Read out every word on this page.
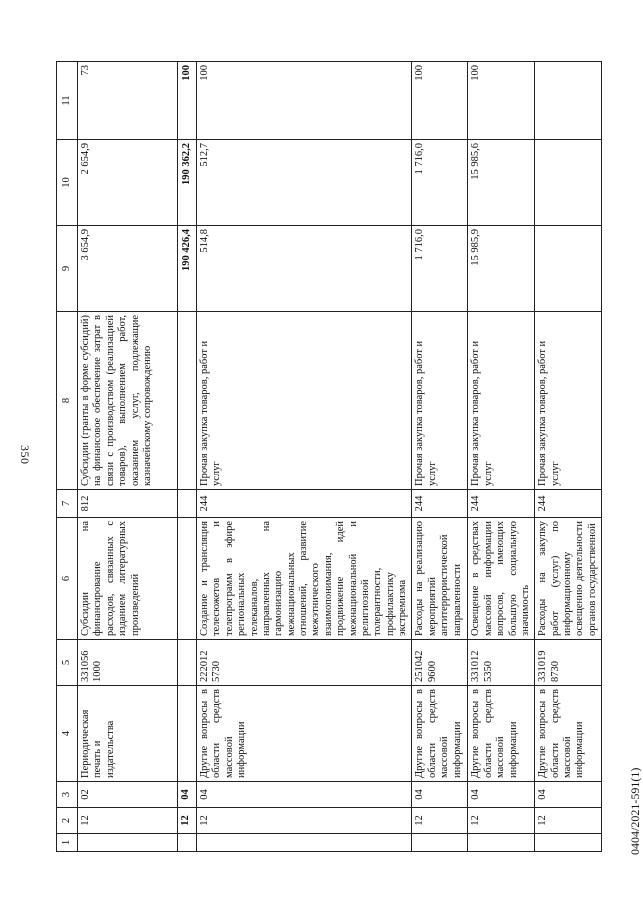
350
1	2	3	4	5	6	7	8	9	10	11
	12	02	Периодическая печать и издательства	331056 1000	Субсидии на финансирование расходов, связанных с изданием литературных произведений	812	Субсидии (гранты в форме субсидий) на финансовое обеспечение затрат в связи с производством (реализацией товаров), выполнением работ, оказанием услуг, подлежащие казначейскому сопровождению	3 654,9	2 654,9	73
	12	04						190 426,4	190 362,2	100
	12	04	Другие вопросы в области средств массовой информации	222012 5730	Создание и трансляция телесюжетов и телепрограмм в эфире региональных телеканалов, направленных на гармонизацию межнациональных отношений, развитие межэтнического взаимопонимания, продвижение идей межнациональной и религиозной толерантности, профилактику экстремизма	244	Прочая закупка товаров, работ и услуг	514,8	512,7	100
	12	04	Другие вопросы в области средств массовой информации	251042 9600	Расходы на реализацию мероприятий антитеррористической направленности	244	Прочая закупка товаров, работ и услуг	1 716,0	1 716,0	100
	12	04	Другие вопросы в области средств массовой информации	331012 5350	Освещение в средствах массовой информации вопросов, имеющих большую социальную значимость	244	Прочая закупка товаров, работ и услуг	15 985,9	15 985,6	100
	12	04	Другие вопросы в области средств массовой информации	331019 8730	Расходы на закупку работ (услуг) по информационному освещению деятельности органов государственной	244	Прочая закупка товаров, работ и услуг			
0404/2021-591(1)
